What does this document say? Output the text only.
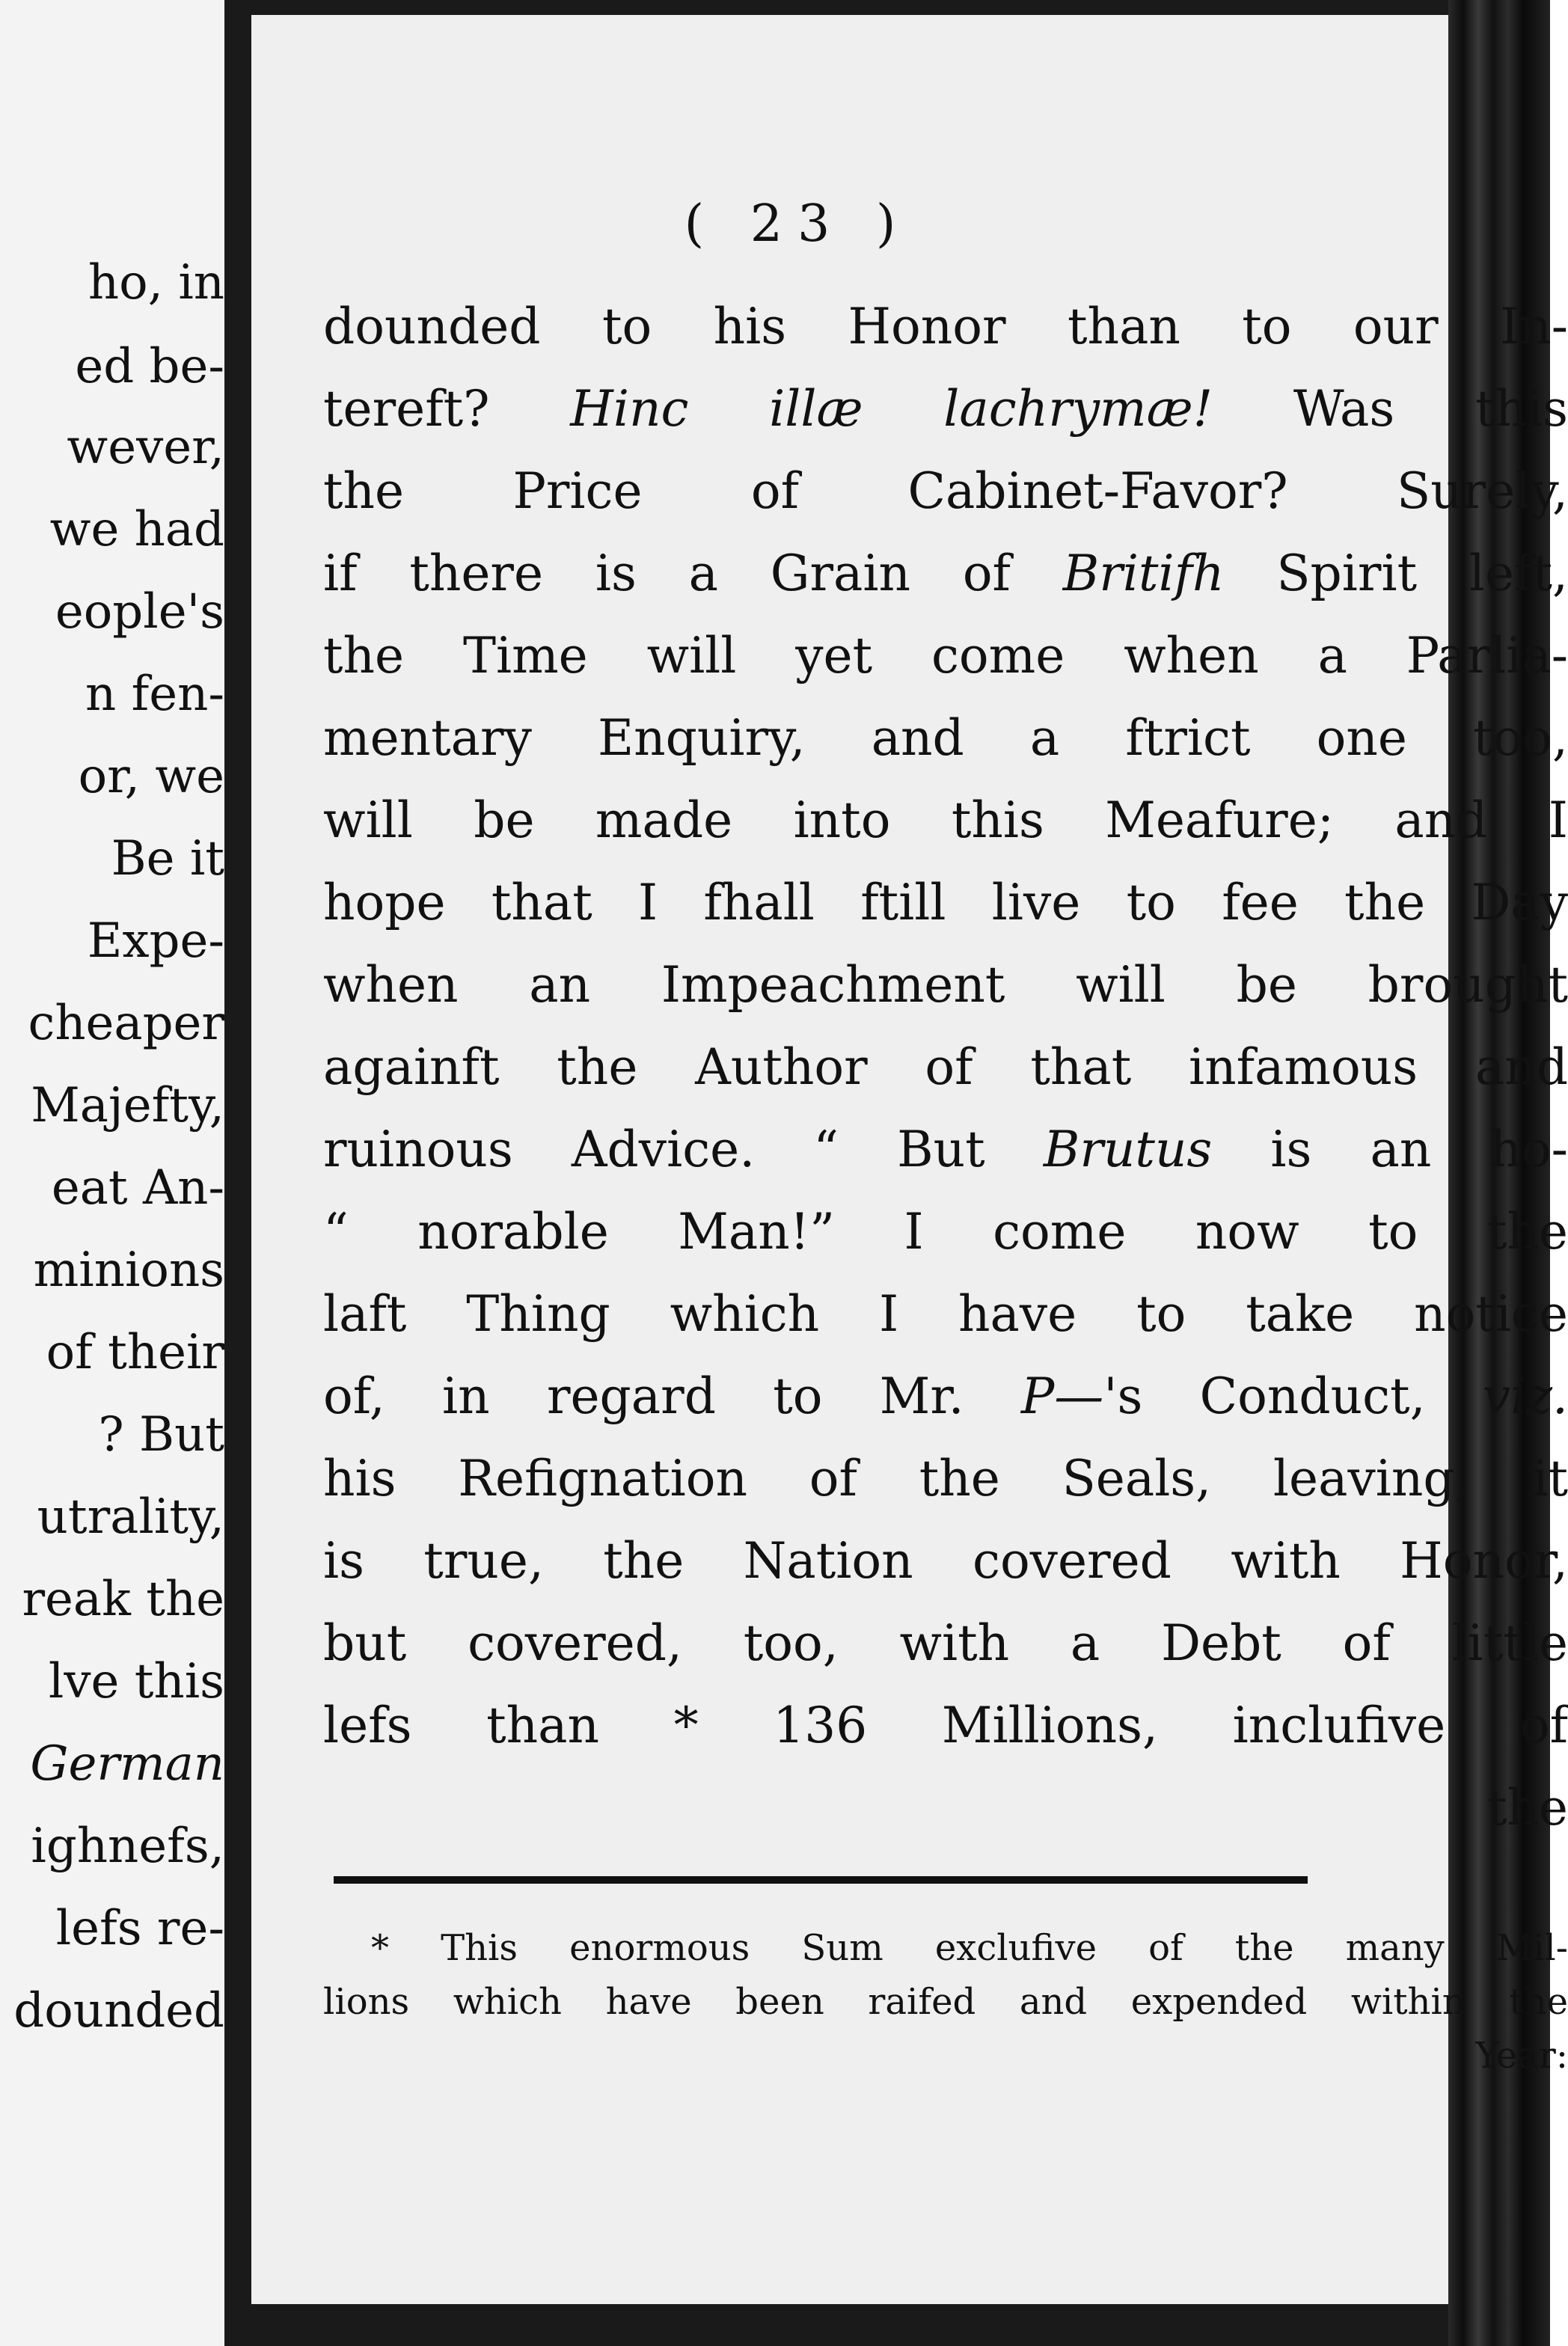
ho, in
ed be-
wever,
we had
eople's
n fen-
or, we
Be it
Expe-
cheaper
Majefty,
eat An-
minions
of their
? But
utrality,
reak the
lve this
German
ighnefs,
lefs re-
dounded
( 23 )
dounded to his Honor than to our In-
tereft? Hinc illæ lachrymæ! Was this
the Price of Cabinet-Favor? Surely,
if there is a Grain of Britifh Spirit left,
the Time will yet come when a Parlia-
mentary Enquiry, and a ftrict one too,
will be made into this Meafure; and I
hope that I fhall ftill live to fee the Day
when an Impeachment will be brought
againft the Author of that infamous and
ruinous Advice. “ But Brutus is an ho-
“ norable Man!” I come now to the
laft Thing which I have to take notice
of, in regard to Mr. P—'s Conduct, viz.
his Refignation of the Seals, leaving, it
is true, the Nation covered with Honor,
but covered, too, with a Debt of little
lefs than * 136 Millions, inclufive of
the
* This enormous Sum exclufive of the many Mil-
lions which have been raifed and expended within the
Year:
